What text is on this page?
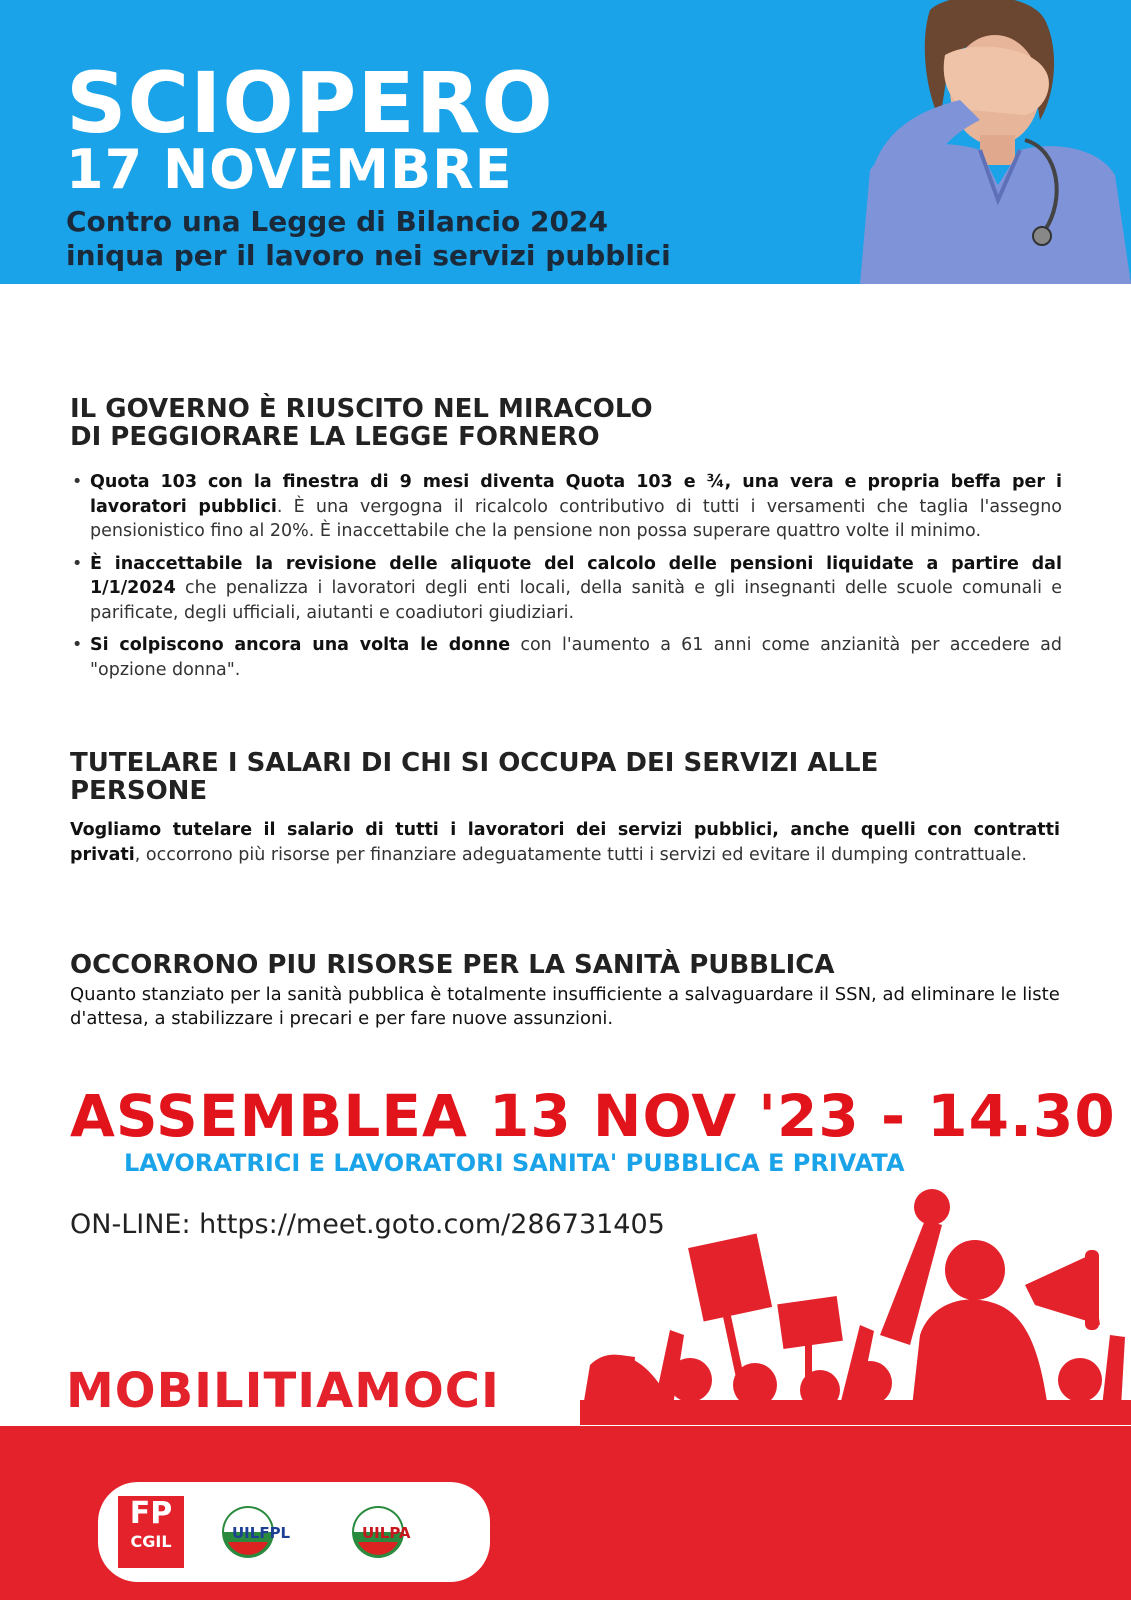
SCIOPERO
17 NOVEMBRE
Contro una Legge di Bilancio 2024
iniqua per il lavoro nei servizi pubblici
IL GOVERNO È RIUSCITO NEL MIRACOLO
DI PEGGIORARE LA LEGGE FORNERO
• Quota 103 con la finestra di 9 mesi diventa Quota 103 e ¾, una vera e propria beffa per i lavoratori pubblici. È una vergogna il ricalcolo contributivo di tutti i versamenti che taglia l'assegno pensionistico fino al 20%. È inaccettabile che la pensione non possa superare quattro volte il minimo.
• È inaccettabile la revisione delle aliquote del calcolo delle pensioni liquidate a partire dal 1/1/2024 che penalizza i lavoratori degli enti locali, della sanità e gli insegnanti delle scuole comunali e parificate, degli ufficiali, aiutanti e coadiutori giudiziari.
• Si colpiscono ancora una volta le donne con l'aumento a 61 anni come anzianità per accedere ad "opzione donna".
TUTELARE I SALARI DI CHI SI OCCUPA DEI SERVIZI ALLE
PERSONE
Vogliamo tutelare il salario di tutti i lavoratori dei servizi pubblici, anche quelli con contratti privati, occorrono più risorse per finanziare adeguatamente tutti i servizi ed evitare il dumping contrattuale.
OCCORRONO PIU RISORSE PER LA SANITÀ PUBBLICA
Quanto stanziato per la sanità pubblica è totalmente insufficiente a salvaguardare il SSN, ad eliminare le liste d'attesa, a stabilizzare i precari e per fare nuove assunzioni.
ASSEMBLEA 13 NOV '23 - 14.30
LAVORATRICI E LAVORATORI SANITA' PUBBLICA E PRIVATA
ON-LINE: https://meet.goto.com/286731405
MOBILITIAMOCI
FP
CGIL	UILFPL	UILPA
